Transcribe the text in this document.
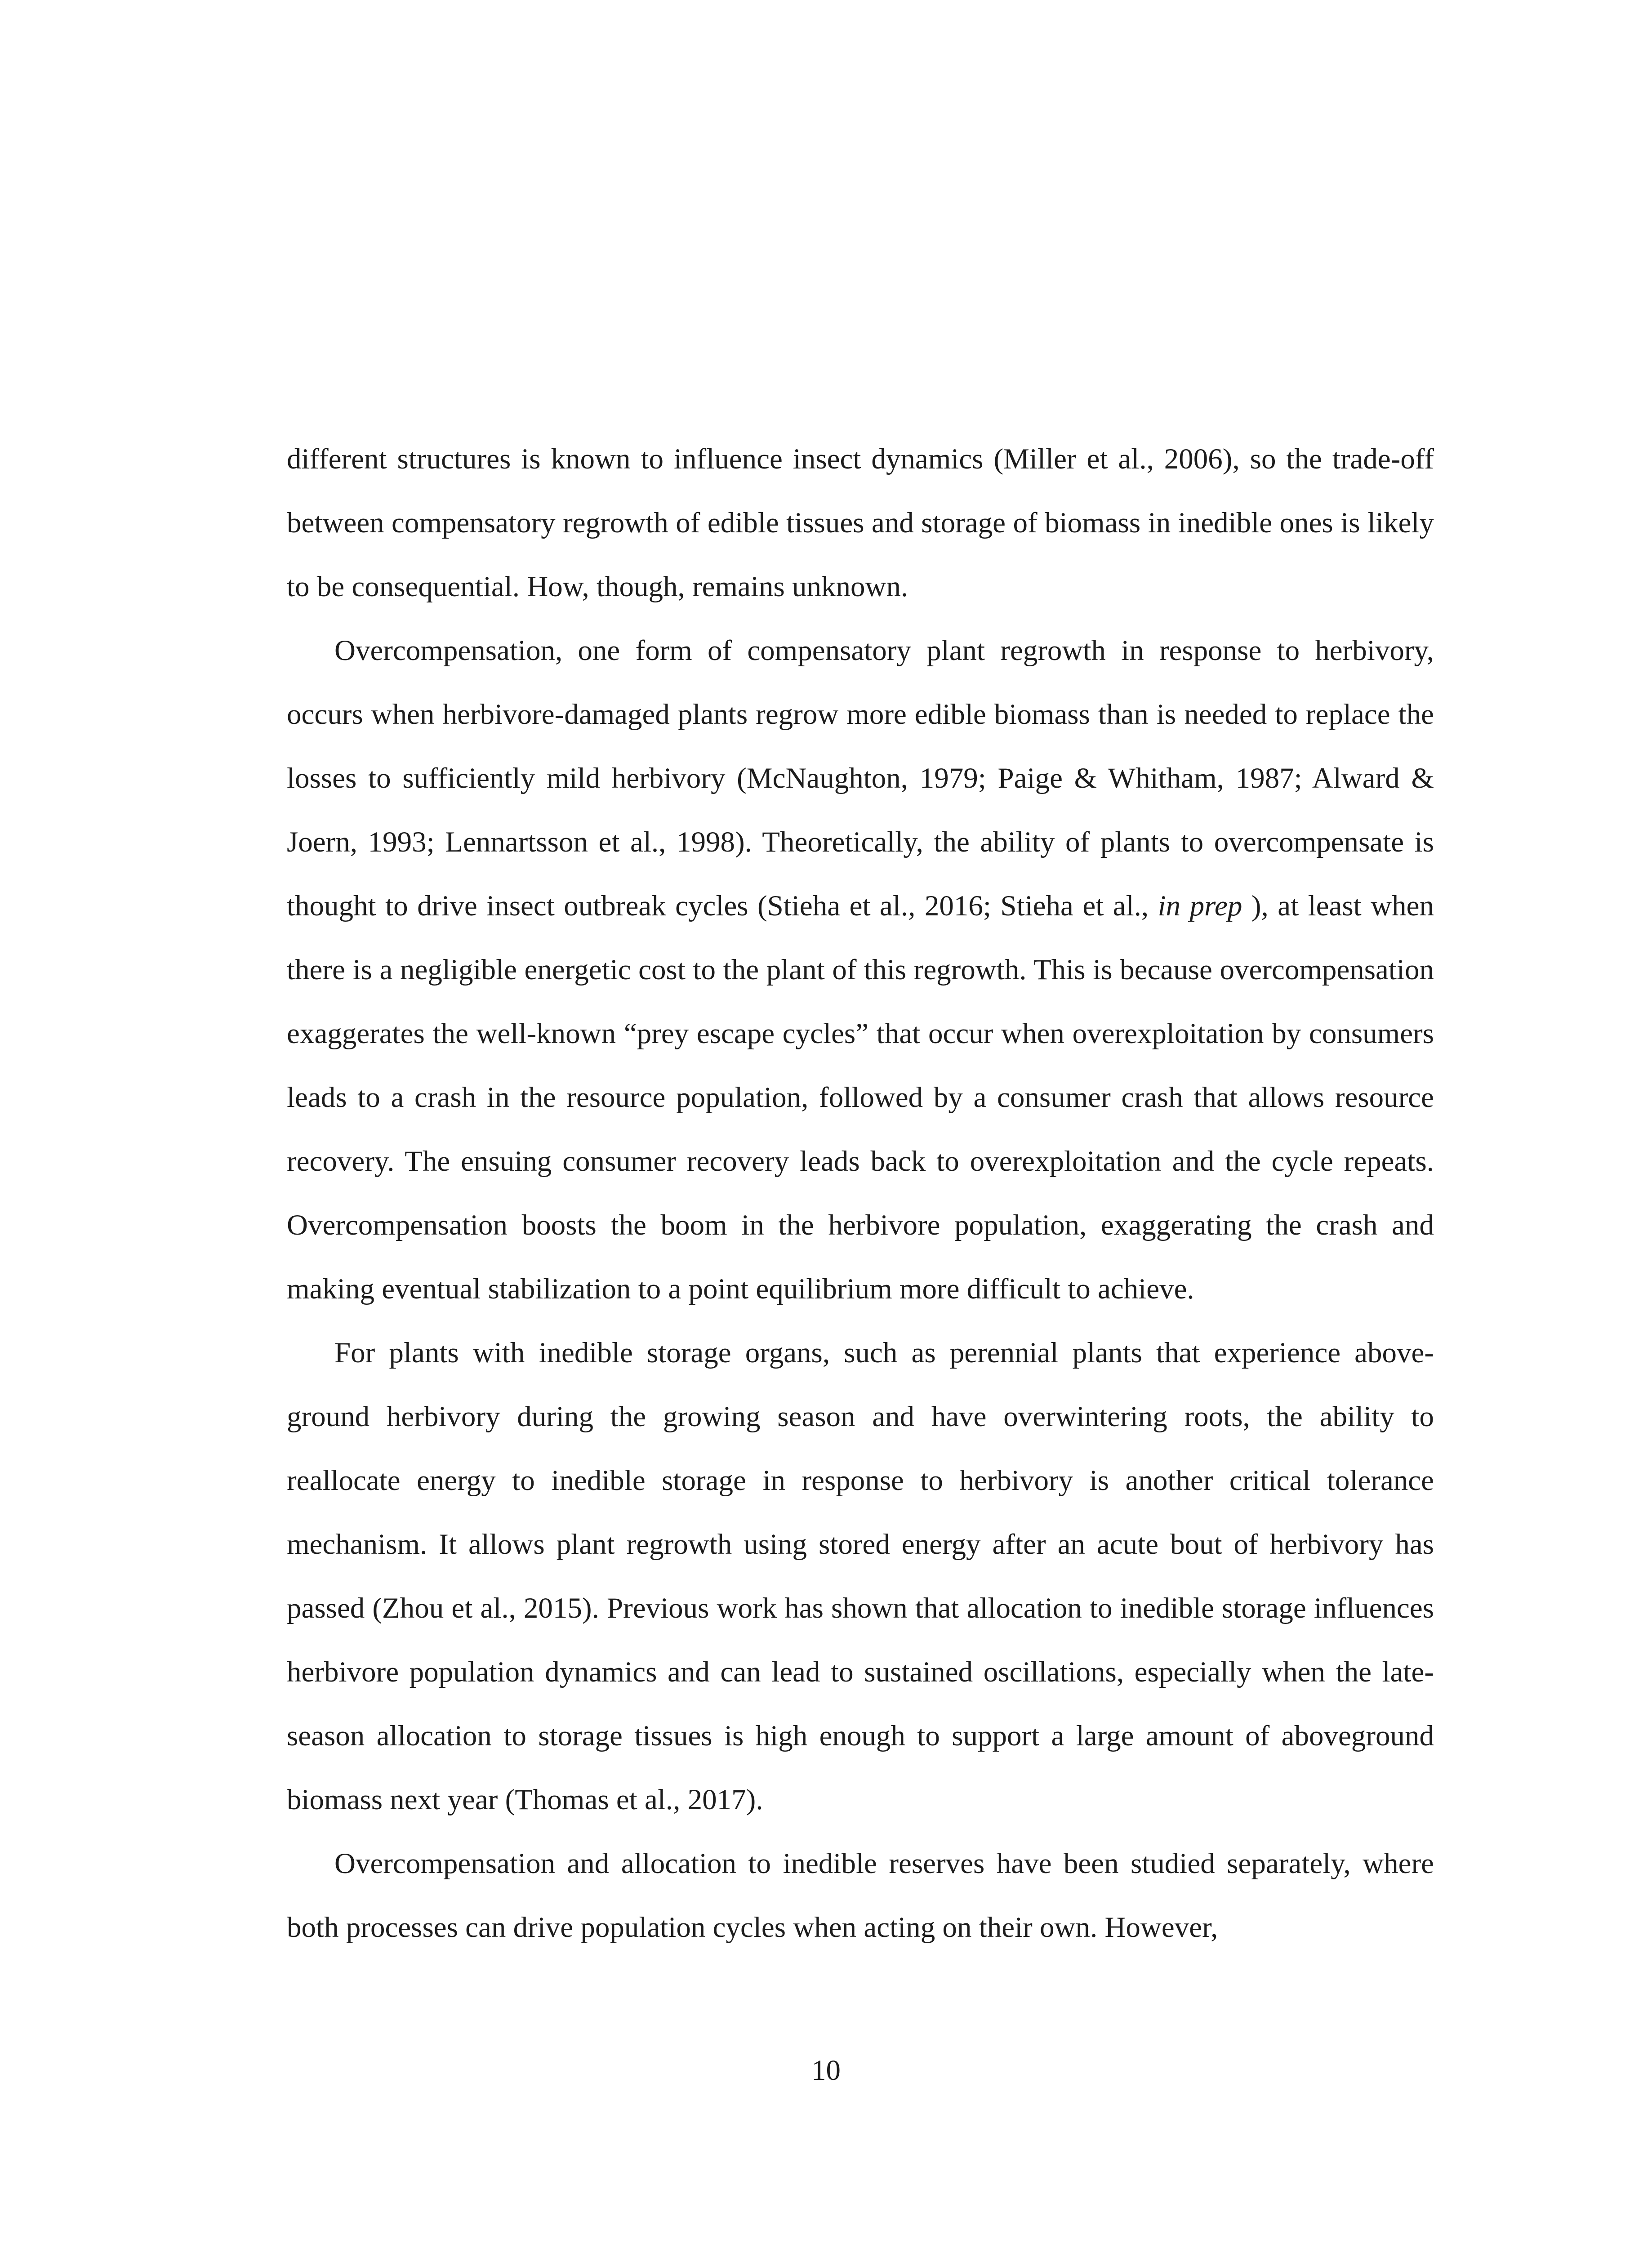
different structures is known to influence insect dynamics (Miller et al., 2006), so the trade-off between compensatory regrowth of edible tissues and storage of biomass in inedible ones is likely to be consequential. How, though, remains unknown.

Overcompensation, one form of compensatory plant regrowth in response to herbivory, occurs when herbivore-damaged plants regrow more edible biomass than is needed to replace the losses to sufficiently mild herbivory (McNaughton, 1979; Paige & Whitham, 1987; Alward & Joern, 1993; Lennartsson et al., 1998). Theoretically, the ability of plants to overcompensate is thought to drive insect outbreak cycles (Stieha et al., 2016; Stieha et al., in prep ), at least when there is a negligible energetic cost to the plant of this regrowth. This is because overcompensation exaggerates the well-known “prey escape cycles” that occur when overexploitation by consumers leads to a crash in the resource population, followed by a consumer crash that allows resource recovery. The ensuing consumer recovery leads back to overexploitation and the cycle repeats. Overcompensation boosts the boom in the herbivore population, exaggerating the crash and making eventual stabilization to a point equilibrium more difficult to achieve.

For plants with inedible storage organs, such as perennial plants that experience above-ground herbivory during the growing season and have overwintering roots, the ability to reallocate energy to inedible storage in response to herbivory is another critical tolerance mechanism. It allows plant regrowth using stored energy after an acute bout of herbivory has passed (Zhou et al., 2015). Previous work has shown that allocation to inedible storage influences herbivore population dynamics and can lead to sustained oscillations, especially when the late-season allocation to storage tissues is high enough to support a large amount of aboveground biomass next year (Thomas et al., 2017).

Overcompensation and allocation to inedible reserves have been studied separately, where both processes can drive population cycles when acting on their own. However,

10
